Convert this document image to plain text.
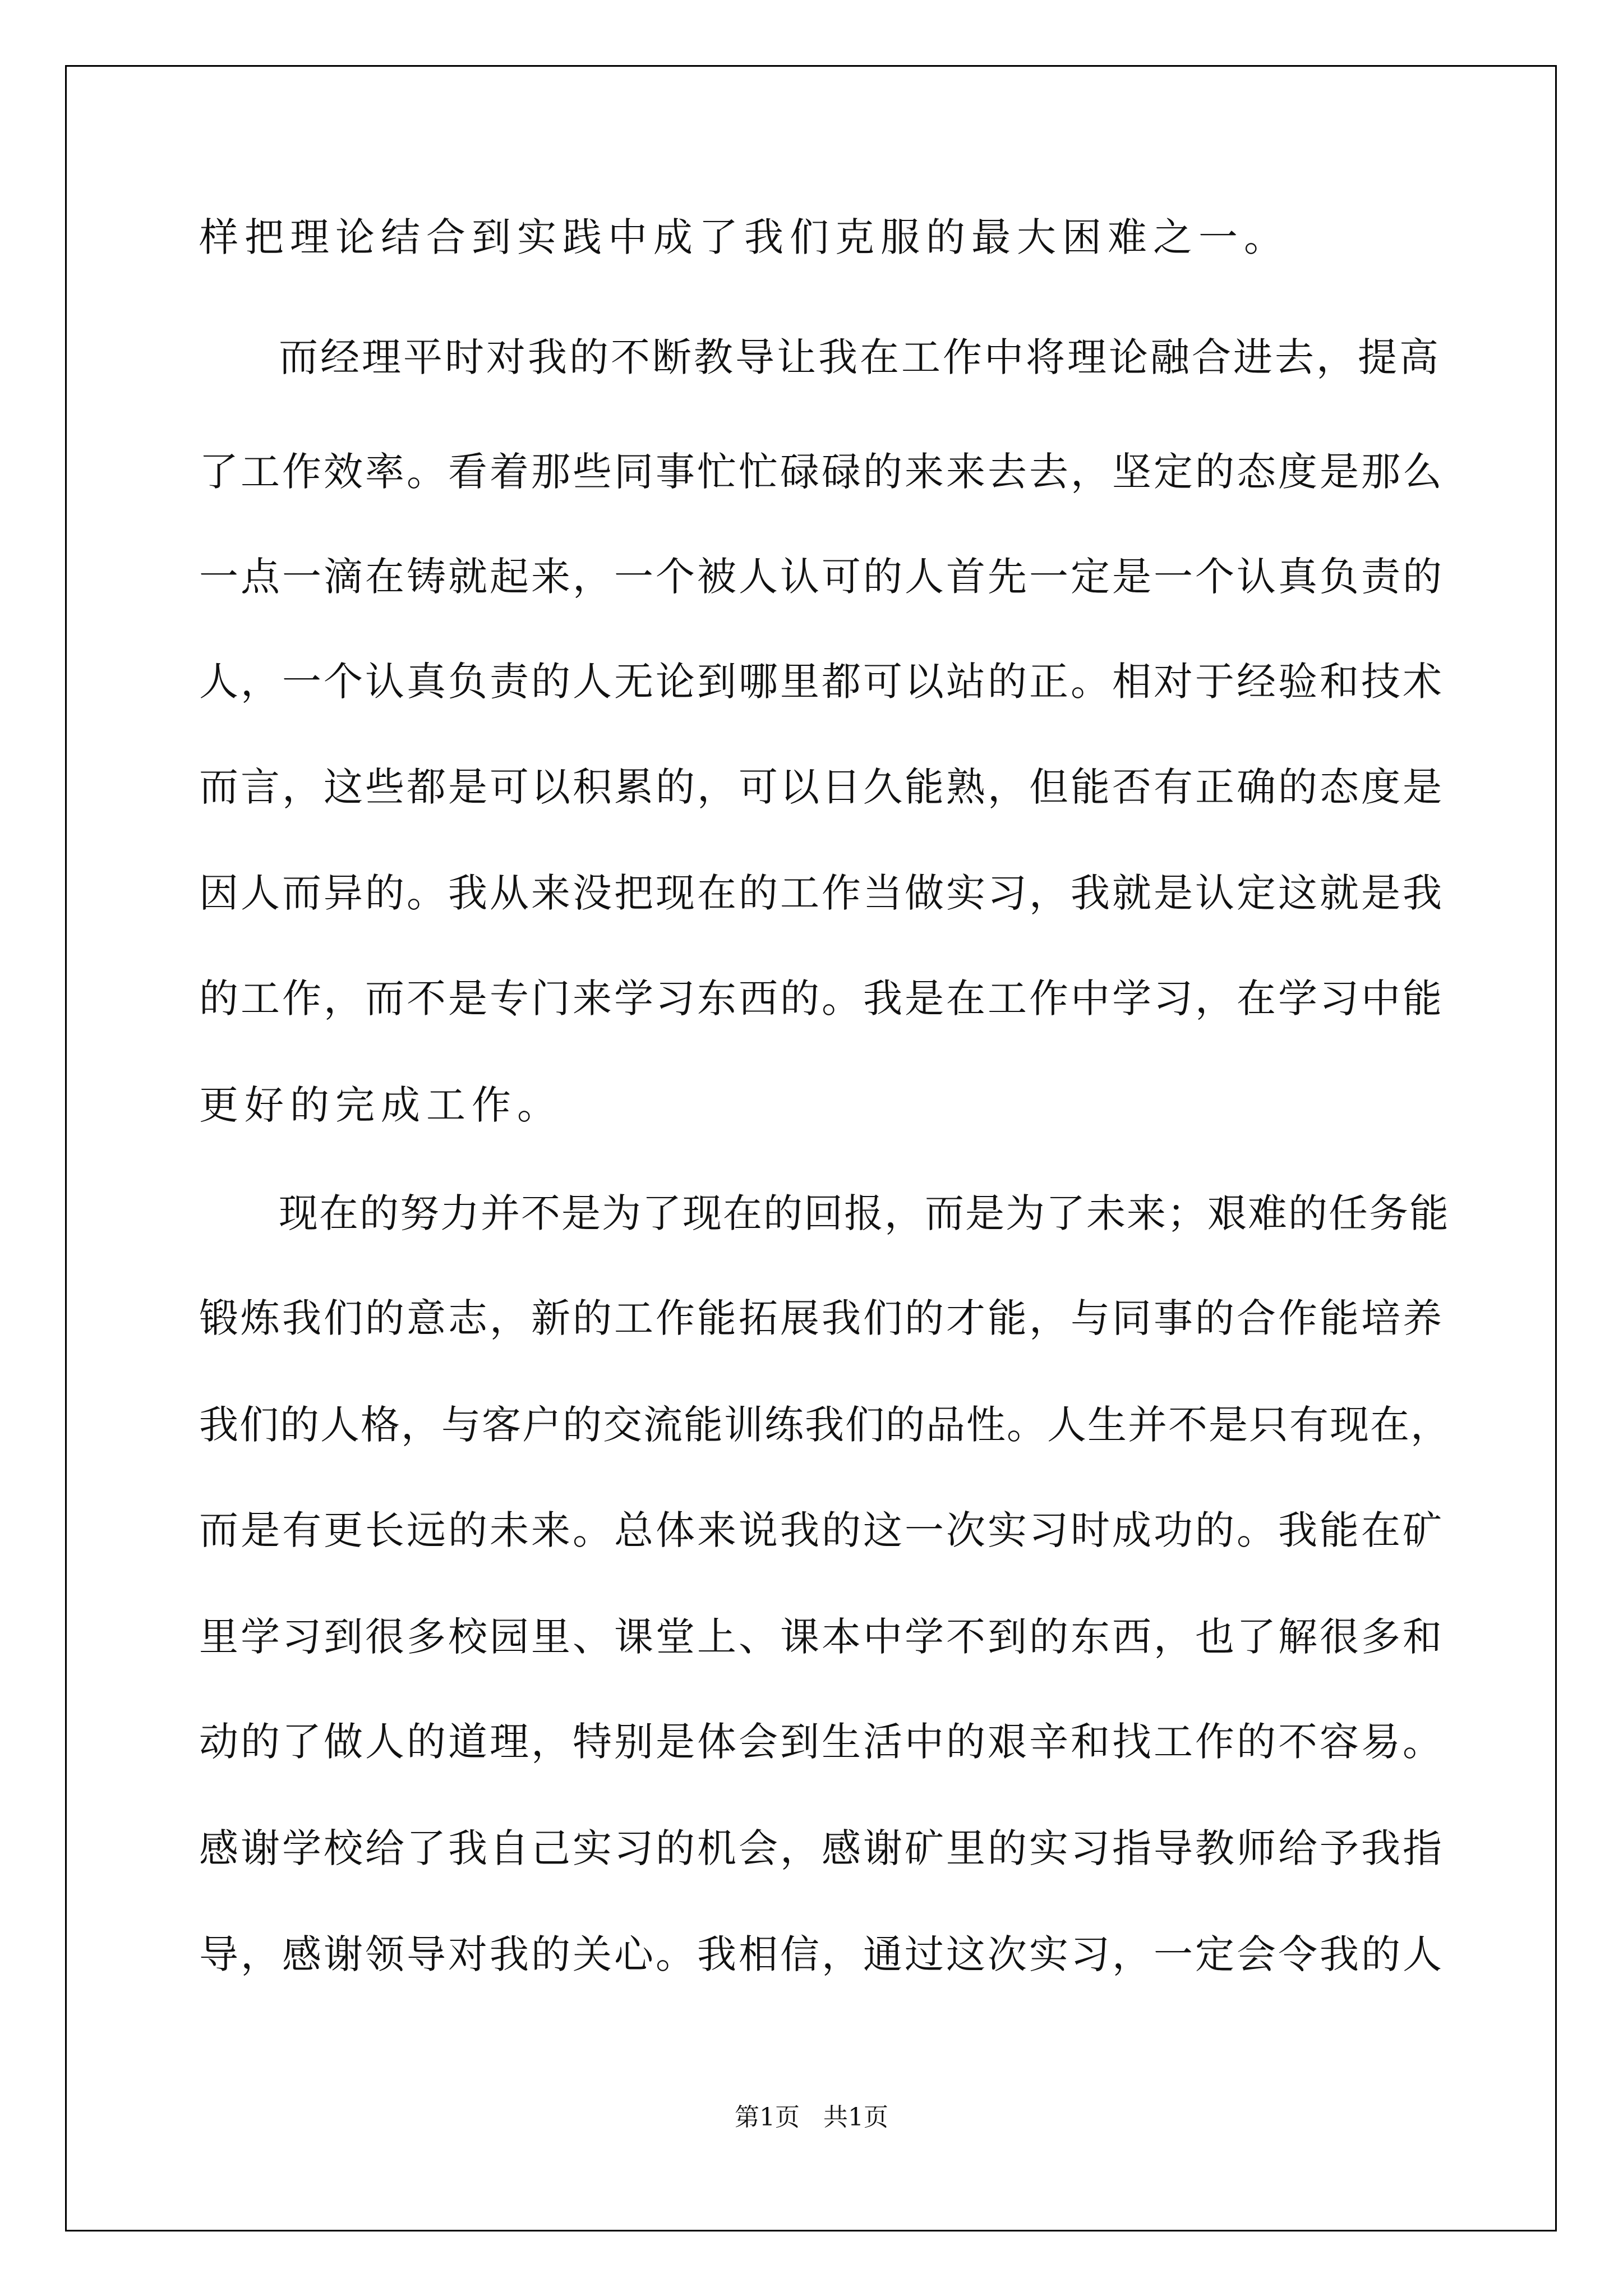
样把理论结合到实践中成了我们克服的最大困难之一。
而经理平时对我的不断教导让我在工作中将理论融合进去，提高
了工作效率。看着那些同事忙忙碌碌的来来去去，坚定的态度是那么
一点一滴在铸就起来，一个被人认可的人首先一定是一个认真负责的
人，一个认真负责的人无论到哪里都可以站的正。相对于经验和技术
而言，这些都是可以积累的，可以日久能熟，但能否有正确的态度是
因人而异的。我从来没把现在的工作当做实习，我就是认定这就是我
的工作，而不是专门来学习东西的。我是在工作中学习，在学习中能
更好的完成工作。
现在的努力并不是为了现在的回报，而是为了未来；艰难的任务能
锻炼我们的意志，新的工作能拓展我们的才能，与同事的合作能培养
我们的人格，与客户的交流能训练我们的品性。人生并不是只有现在，
而是有更长远的未来。总体来说我的这一次实习时成功的。我能在矿
里学习到很多校园里、课堂上、课本中学不到的东西，也了解很多和
动的了做人的道理，特别是体会到生活中的艰辛和找工作的不容易。
感谢学校给了我自己实习的机会，感谢矿里的实习指导教师给予我指
导，感谢领导对我的关心。我相信，通过这次实习，一定会令我的人
第1页   共1页
